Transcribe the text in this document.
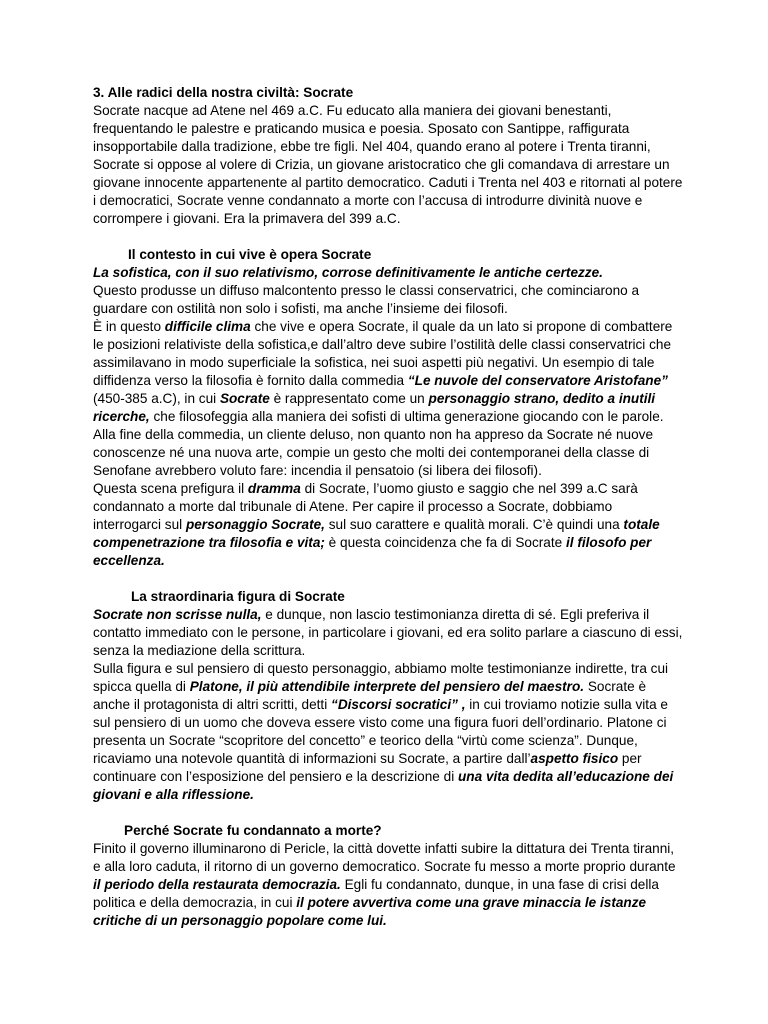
3. Alle radici della nostra civiltà: Socrate

Socrate nacque ad Atene nel 469 a.C. Fu educato alla maniera dei giovani benestanti, frequentando le palestre e praticando musica e poesia. Sposato con Santippe, raffigurata insopportabile dalla tradizione, ebbe tre figli. Nel 404, quando erano al potere i Trenta tiranni, Socrate si oppose al volere di Crizia, un giovane aristocratico che gli comandava di arrestare un giovane innocente appartenente al partito democratico. Caduti i Trenta nel 403 e ritornati al potere i democratici, Socrate venne condannato a morte con l’accusa di introdurre divinità nuove e corrompere i giovani. Era la primavera del 399 a.C.

Il contesto in cui vive è opera Socrate

La sofistica, con il suo relativismo, corrose definitivamente le antiche certezze.

Questo produsse un diffuso malcontento presso le classi conservatrici, che cominciarono a guardare con ostilità non solo i sofisti, ma anche l’insieme dei filosofi.

È in questo difficile clima che vive e opera Socrate, il quale da un lato si propone di combattere le posizioni relativiste della sofistica,e dall’altro deve subire l’ostilità delle classi conservatrici che assimilavano in modo superficiale la sofistica, nei suoi aspetti più negativi. Un esempio di tale diffidenza verso la filosofia è fornito dalla commedia “Le nuvole del conservatore Aristofane” (450-385 a.C), in cui Socrate è rappresentato come un personaggio strano, dedito a inutili ricerche, che filosofeggia alla maniera dei sofisti di ultima generazione giocando con le parole.

Alla fine della commedia, un cliente deluso, non quanto non ha appreso da Socrate né nuove conoscenze né una nuova arte, compie un gesto che molti dei contemporanei della classe di Senofane avrebbero voluto fare: incendia il pensatoio (si libera dei filosofi).

Questa scena prefigura il dramma di Socrate, l’uomo giusto e saggio che nel 399 a.C sarà condannato a morte dal tribunale di Atene. Per capire il processo a Socrate, dobbiamo interrogarci sul personaggio Socrate, sul suo carattere e qualità morali. C’è quindi una totale compenetrazione tra filosofia e vita; è questa coincidenza che fa di Socrate il filosofo per eccellenza.

La straordinaria figura di Socrate

Socrate non scrisse nulla, e dunque, non lascio testimonianza diretta di sé. Egli preferiva il contatto immediato con le persone, in particolare i giovani, ed era solito parlare a ciascuno di essi, senza la mediazione della scrittura.

Sulla figura e sul pensiero di questo personaggio, abbiamo molte testimonianze indirette, tra cui spicca quella di Platone, il più attendibile interprete del pensiero del maestro. Socrate è anche il protagonista di altri scritti, detti “Discorsi socratici” , in cui troviamo notizie sulla vita e sul pensiero di un uomo che doveva essere visto come una figura fuori dell’ordinario. Platone ci presenta un Socrate “scopritore del concetto” e teorico della “virtù come scienza”. Dunque, ricaviamo una notevole quantità di informazioni su Socrate, a partire dall’aspetto fisico per continuare con l’esposizione del pensiero e la descrizione di una vita dedita all’educazione dei giovani e alla riflessione.

Perché Socrate fu condannato a morte?

Finito il governo illuminarono di Pericle, la città dovette infatti subire la dittatura dei Trenta tiranni, e alla loro caduta, il ritorno di un governo democratico. Socrate fu messo a morte proprio durante il periodo della restaurata democrazia. Egli fu condannato, dunque, in una fase di crisi della politica e della democrazia, in cui il potere avvertiva come una grave minaccia le istanze critiche di un personaggio popolare come lui.
